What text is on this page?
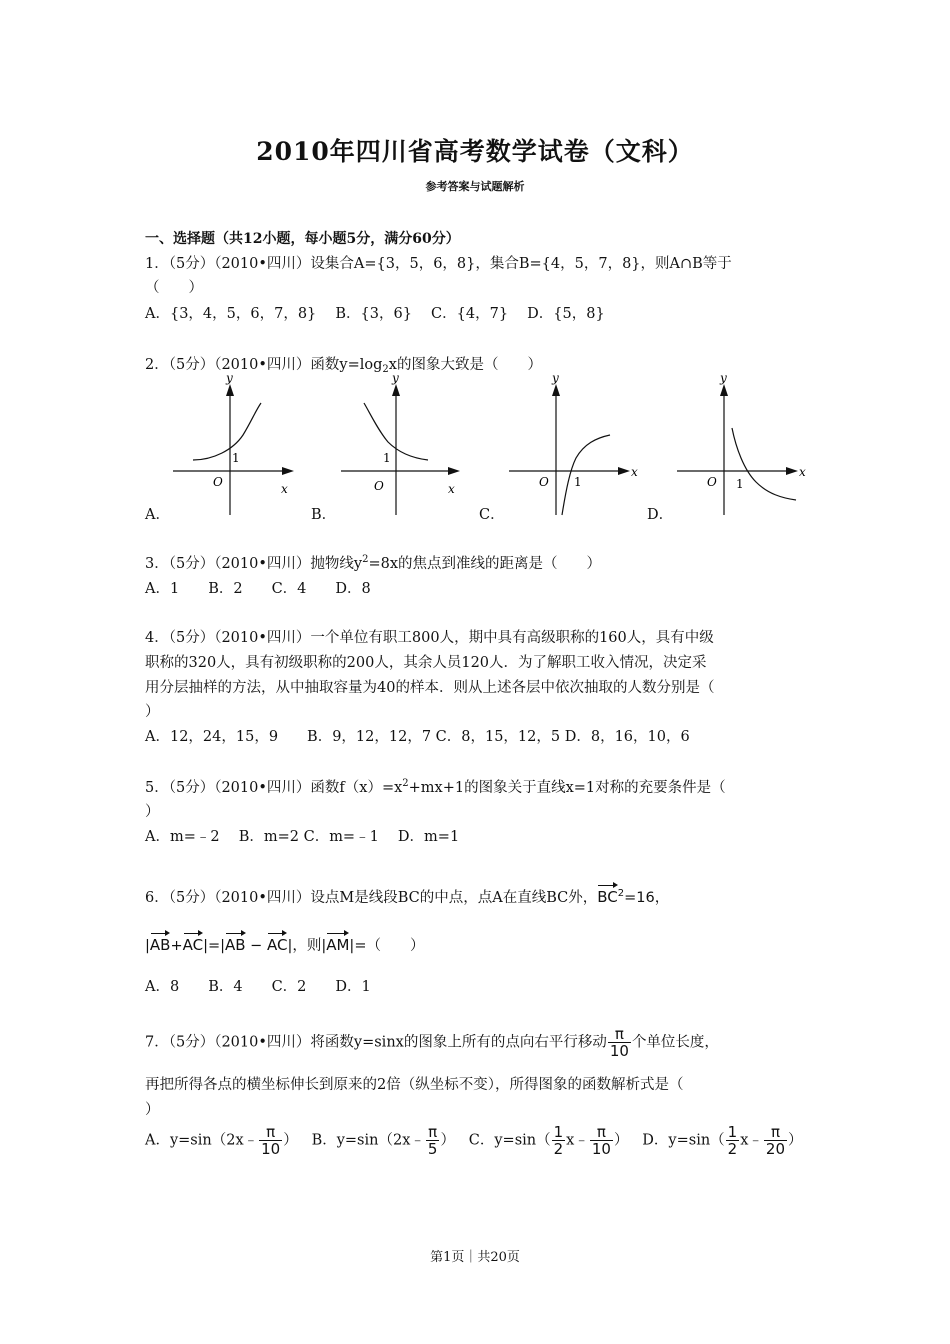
2010年四川省高考数学试卷（文科）
参考答案与试题解析
一、选择题（共12小题，每小题5分，满分60分）
1．（5分）（2010•四川）设集合A={3，5，6，8}，集合B={4，5，7，8}，则A∩B等于
（　　）
A．{3，4，5，6，7，8}　 B．{3，6}　 C．{4，7}　 D．{5，8}
2．（5分）（2010•四川）函数$y=\log_2x$的图象大致是（　　）
A．
y
x
O
1
B．
y
x
O
1
C．
y
x
O 1
D．
y
x
O 1
3．（5分）（2010•四川）抛物线$y^2=8x$的焦点到准线的距离是（　　）
A．1　　B．2　　C．4　　D．8
4．（5分）（2010•四川）一个单位有职工800人，期中具有高级职称的160人，具有中级
职称的320人，具有初级职称的200人，其余人员120人．为了解职工收入情况，决定采
用分层抽样的方法，从中抽取容量为40的样本．则从上述各层中依次抽取的人数分别是（
）
A．12，24，15，9　　B．9，12，12，7 C．8，15，12，5 D．8，16，10，6
5．（5分）（2010•四川）函数$f(x)=x^2+mx+1$的图象关于直线x=1对称的充要条件是（
）
A．m=﹣2　 B．m=2 C．m=﹣1　 D．m=1
6．（5分）（2010•四川）设点M是线段BC的中点，点A在直线BC外，$BC^2=16$，
|AB+AC|=|AB − AC|，则|AM|=（　　）
A．8　　B．4　　C．2　　D．1
7．（5分）（2010•四川）将函数y=sinx的图象上所有的点向右平行移动 $\frac{\pi}{10}$ 个单位长度，
再把所得各点的横坐标伸长到原来的2倍（纵坐标不变），所得图象的函数解析式是（
）
A．y=sin（2x﹣ $\frac{\pi}{10}$ ） B．y=sin（2x﹣ $\frac{\pi}{5}$ ） C．$y=\sin( \frac{1}{2}$ x﹣ $\frac{\pi}{10}$ ） D．$y=\sin( \frac{1}{2}$ x﹣ $\frac{\pi}{20}$ ）
第1页｜共20页
